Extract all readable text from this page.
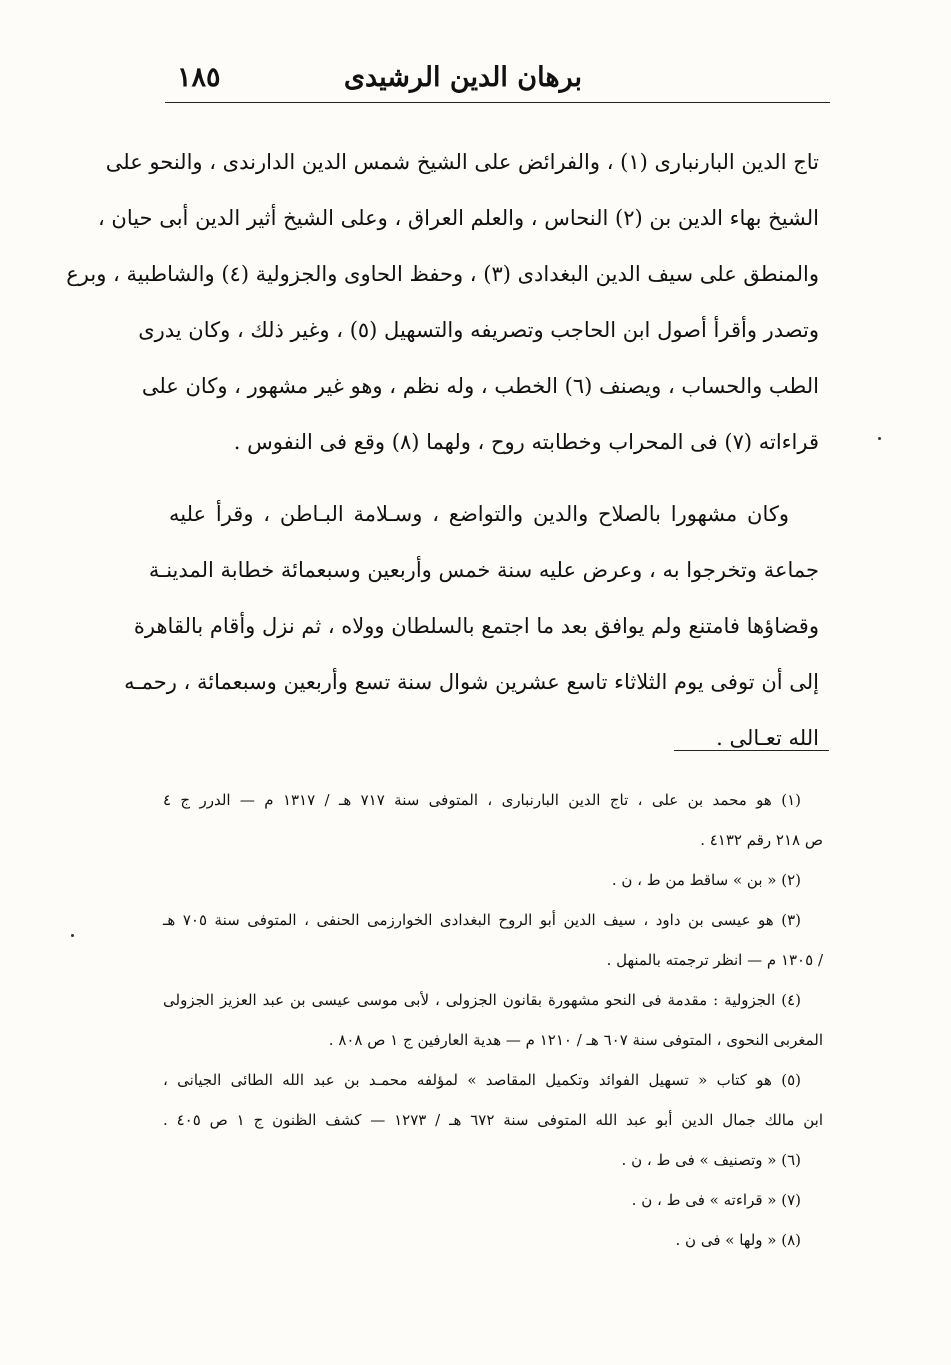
برهان الدين الرشيدى
١٨٥
تاج الدين البارنبارى (١) ، والفرائض على الشيخ شمس الدين الدارندى ، والنحو على
الشيخ بهاء الدين بن (٢) النحاس ، والعلم العراق ، وعلى الشيخ أثير الدين أبى حيان ،
والمنطق على سيف الدين البغدادى (٣) ، وحفظ الحاوى والجزولية (٤) والشاطبية ، وبرع
وتصدر وأقرأ أصول ابن الحاجب وتصريفه والتسهيل (٥) ، وغير ذلك ، وكان يدرى
الطب والحساب ، ويصنف (٦) الخطب ، وله نظم ، وهو غير مشهور ، وكان على
قراءاته (٧) فى المحراب وخطابته روح ، ولهما (٨) وقع فى النفوس .
وكان مشهورا بالصلاح والدين والتواضع ، وسـلامة البـاطن ، وقرأ عليه
جماعة وتخرجوا به ، وعرض عليه سنة خمس وأربعين وسبعمائة خطابة المدينـة
وقضاؤها فامتنع ولم يوافق بعد ما اجتمع بالسلطان وولاه ، ثم نزل وأقام بالقاهرة
إلى أن توفى يوم الثلاثاء تاسع عشرين شوال سنة تسع وأربعين وسبعمائة ، رحمـه
الله تعـالى .
(١) هو محمد بن على ، تاج الدين البارنبارى ، المتوفى سنة ٧١٧ هـ / ١٣١٧ م — الدرر ج ٤
ص ٢١٨ رقم ٤١٣٢ .
(٢) « بن » ساقط من ط ، ن .
(٣) هو عيسى بن داود ، سيف الدين أبو الروح البغدادى الخوارزمى الحنفى ، المتوفى سنة ٧٠٥ هـ
/ ١٣٠٥ م — انظر ترجمته بالمنهل .
(٤) الجزولية : مقدمة فى النحو مشهورة بقانون الجزولى ، لأبى موسى عيسى بن عبد العزيز الجزولى
المغربى النحوى ، المتوفى سنة ٦٠٧ هـ / ١٢١٠ م — هدية العارفين ج ١ ص ٨٠٨ .
(٥) هو كتاب « تسهيل الفوائد وتكميل المقاصد » لمؤلفه محمـد بن عبد الله الطائى الجيانى ،
ابن مالك جمال الدين أبو عبد الله المتوفى سنة ٦٧٢ هـ / ١٢٧٣ — كشف الظنون ج ١ ص ٤٠٥ .
(٦) « وتصنيف » فى ط ، ن .
(٧) « قراءته » فى ط ، ن .
(٨) « ولها » فى ن .
